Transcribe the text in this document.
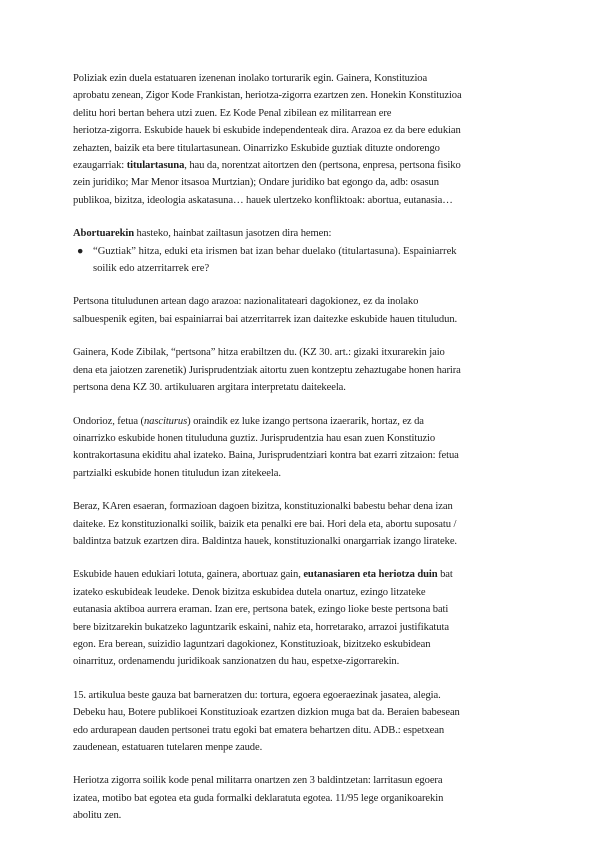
Poliziak ezin duela estatuaren izenenan inolako torturarik egin. Gainera, Konstituzioa
aprobatu zenean, Zigor Kode Frankistan, heriotza-zigorra ezartzen zen. Honekin Konstituzioa
delitu hori bertan behera utzi zuen. Ez Kode Penal zibilean ez militarrean ere
heriotza-zigorra. Eskubide hauek bi eskubide independenteak dira. Arazoa ez da bere edukian
zehazten, baizik eta bere titulartasunean. Oinarrizko Eskubide guztiak dituzte ondorengo
ezaugarriak: titulartasuna, hau da, norentzat aitortzen den (pertsona, enpresa, pertsona fisiko
zein juridiko; Mar Menor itsasoa Murtzian); Ondare juridiko bat egongo da, adb: osasun
publikoa, bizitza, ideologia askatasuna… hauek ulertzeko konfliktoak: abortua, eutanasia…

Abortuarekin hasteko, hainbat zailtasun jasotzen dira hemen:

● “Guztiak” hitza, eduki eta irismen bat izan behar duelako (titulartasuna). Espainiarrek
soilik edo atzerritarrek ere?

Pertsona tituludunen artean dago arazoa: nazionalitateari dagokionez, ez da inolako
salbuespenik egiten, bai espainiarrai bai atzerritarrek izan daitezke eskubide hauen tituludun.

Gainera, Kode Zibilak, “pertsona” hitza erabiltzen du. (KZ 30. art.: gizaki itxurarekin jaio
dena eta jaiotzen zarenetik) Jurisprudentziak aitortu zuen kontzeptu zehaztugabe honen harira
pertsona dena KZ 30. artikuluaren argitara interpretatu daitekeela.

Ondorioz, fetua (nasciturus) oraindik ez luke izango pertsona izaerarik, hortaz, ez da
oinarrizko eskubide honen tituluduna guztiz. Jurisprudentzia hau esan zuen Konstituzio
kontrakortasuna ekiditu ahal izateko. Baina, Jurisprudentziari kontra bat ezarri zitzaion: fetua
partzialki eskubide honen tituludun izan zitekeela.

Beraz, KAren esaeran, formazioan dagoen bizitza, konstituzionalki babestu behar dena izan
daiteke. Ez konstituzionalki soilik, baizik eta penalki ere bai. Hori dela eta, abortu suposatu /
baldintza batzuk ezartzen dira. Baldintza hauek, konstituzionalki onargarriak izango lirateke.

Eskubide hauen edukiari lotuta, gainera, abortuaz gain, eutanasiaren eta heriotza duin bat
izateko eskubideak leudeke. Denok bizitza eskubidea dutela onartuz, ezingo litzateke
eutanasia aktiboa aurrera eraman. Izan ere, pertsona batek, ezingo lioke beste pertsona bati
bere bizitzarekin bukatzeko laguntzarik eskaini, nahiz eta, horretarako, arrazoi justifikatuta
egon. Era berean, suizidio laguntzari dagokionez, Konstituzioak, bizitzeko eskubidean
oinarrituz, ordenamendu juridikoak sanzionatzen du hau, espetxe-zigorrarekin.

15. artikulua beste gauza bat barneratzen du: tortura, egoera egoeraezinak jasatea, alegia.
Debeku hau, Botere publikoei Konstituzioak ezartzen dizkion muga bat da. Beraien babesean
edo ardurapean dauden pertsonei tratu egoki bat ematera behartzen ditu. ADB.: espetxean
zaudenean, estatuaren tutelaren menpe zaude.

Heriotza zigorra soilik kode penal militarra onartzen zen 3 baldintzetan: larritasun egoera
izatea, motibo bat egotea eta guda formalki deklaratuta egotea. 11/95 lege organikoarekin
abolitu zen.
